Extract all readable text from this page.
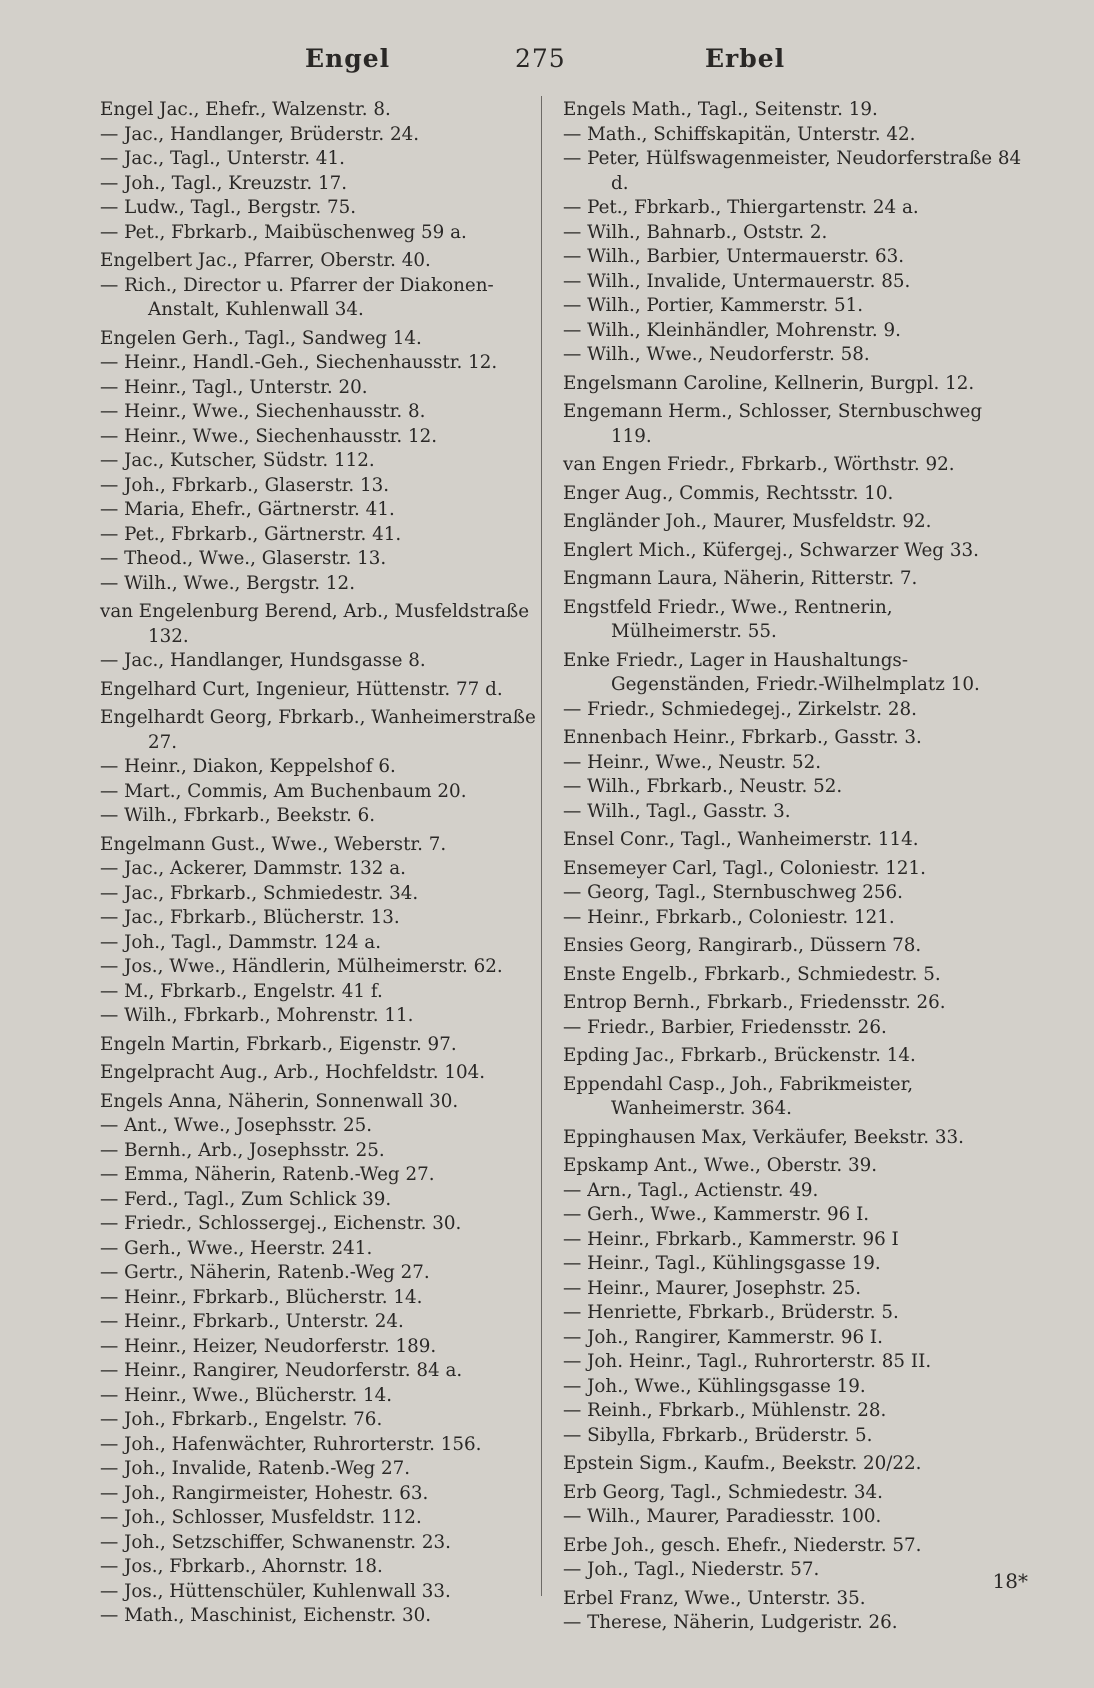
Engel	275	Erbel

Engel Jac., Ehefr., Walzenstr. 8.

— Jac., Handlanger, Brüderstr. 24.

— Jac., Tagl., Unterstr. 41.

— Joh., Tagl., Kreuzstr. 17.

— Ludw., Tagl., Bergstr. 75.

— Pet., Fbrkarb., Maibüschenweg 59 a.

Engelbert Jac., Pfarrer, Oberstr. 40.

— Rich., Director u. Pfarrer der Diakonen-Anstalt, Kuhlenwall 34.

Engelen Gerh., Tagl., Sandweg 14.

— Heinr., Handl.-Geh., Siechenhausstr. 12.

— Heinr., Tagl., Unterstr. 20.

— Heinr., Wwe., Siechenhausstr. 8.

— Heinr., Wwe., Siechenhausstr. 12.

— Jac., Kutscher, Südstr. 112.

— Joh., Fbrkarb., Glaserstr. 13.

— Maria, Ehefr., Gärtnerstr. 41.

— Pet., Fbrkarb., Gärtnerstr. 41.

— Theod., Wwe., Glaserstr. 13.

— Wilh., Wwe., Bergstr. 12.

van Engelenburg Berend, Arb., Musfeldstraße 132.

— Jac., Handlanger, Hundsgasse 8.

Engelhard Curt, Ingenieur, Hüttenstr. 77 d.

Engelhardt Georg, Fbrkarb., Wanheimerstraße 27.

— Heinr., Diakon, Keppelshof 6.

— Mart., Commis, Am Buchenbaum 20.

— Wilh., Fbrkarb., Beekstr. 6.

Engelmann Gust., Wwe., Weberstr. 7.

— Jac., Ackerer, Dammstr. 132 a.

— Jac., Fbrkarb., Schmiedestr. 34.

— Jac., Fbrkarb., Blücherstr. 13.

— Joh., Tagl., Dammstr. 124 a.

— Jos., Wwe., Händlerin, Mülheimerstr. 62.

— M., Fbrkarb., Engelstr. 41 f.

— Wilh., Fbrkarb., Mohrenstr. 11.

Engeln Martin, Fbrkarb., Eigenstr. 97.

Engelpracht Aug., Arb., Hochfeldstr. 104.

Engels Anna, Näherin, Sonnenwall 30.

— Ant., Wwe., Josephsstr. 25.

— Bernh., Arb., Josephsstr. 25.

— Emma, Näherin, Ratenb.-Weg 27.

— Ferd., Tagl., Zum Schlick 39.

— Friedr., Schlossergej., Eichenstr. 30.

— Gerh., Wwe., Heerstr. 241.

— Gertr., Näherin, Ratenb.-Weg 27.

— Heinr., Fbrkarb., Blücherstr. 14.

— Heinr., Fbrkarb., Unterstr. 24.

— Heinr., Heizer, Neudorferstr. 189.

— Heinr., Rangirer, Neudorferstr. 84 a.

— Heinr., Wwe., Blücherstr. 14.

— Joh., Fbrkarb., Engelstr. 76.

— Joh., Hafenwächter, Ruhrorterstr. 156.

— Joh., Invalide, Ratenb.-Weg 27.

— Joh., Rangirmeister, Hohestr. 63.

— Joh., Schlosser, Musfeldstr. 112.

— Joh., Setzschiffer, Schwanenstr. 23.

— Jos., Fbrkarb., Ahornstr. 18.

— Jos., Hüttenschüler, Kuhlenwall 33.

— Math., Maschinist, Eichenstr. 30.

Engels Math., Tagl., Seitenstr. 19.

— Math., Schiffskapitän, Unterstr. 42.

— Peter, Hülfswagenmeister, Neudorferstraße 84 d.

— Pet., Fbrkarb., Thiergartenstr. 24 a.

— Wilh., Bahnarb., Oststr. 2.

— Wilh., Barbier, Untermauerstr. 63.

— Wilh., Invalide, Untermauerstr. 85.

— Wilh., Portier, Kammerstr. 51.

— Wilh., Kleinhändler, Mohrenstr. 9.

— Wilh., Wwe., Neudorferstr. 58.

Engelsmann Caroline, Kellnerin, Burgpl. 12.

Engemann Herm., Schlosser, Sternbuschweg 119.

van Engen Friedr., Fbrkarb., Wörthstr. 92.

Enger Aug., Commis, Rechtsstr. 10.

Engländer Joh., Maurer, Musfeldstr. 92.

Englert Mich., Küfergej., Schwarzer Weg 33.

Engmann Laura, Näherin, Ritterstr. 7.

Engstfeld Friedr., Wwe., Rentnerin, Mülheimerstr. 55.

Enke Friedr., Lager in Haushaltungs-Gegenständen, Friedr.-Wilhelmplatz 10.

— Friedr., Schmiedegej., Zirkelstr. 28.

Ennenbach Heinr., Fbrkarb., Gasstr. 3.

— Heinr., Wwe., Neustr. 52.

— Wilh., Fbrkarb., Neustr. 52.

— Wilh., Tagl., Gasstr. 3.

Ensel Conr., Tagl., Wanheimerstr. 114.

Ensemeyer Carl, Tagl., Coloniestr. 121.

— Georg, Tagl., Sternbuschweg 256.

— Heinr., Fbrkarb., Coloniestr. 121.

Ensies Georg, Rangirarb., Düssern 78.

Enste Engelb., Fbrkarb., Schmiedestr. 5.

Entrop Bernh., Fbrkarb., Friedensstr. 26.

— Friedr., Barbier, Friedensstr. 26.

Epding Jac., Fbrkarb., Brückenstr. 14.

Eppendahl Casp., Joh., Fabrikmeister, Wanheimerstr. 364.

Eppinghausen Max, Verkäufer, Beekstr. 33.

Epskamp Ant., Wwe., Oberstr. 39.

— Arn., Tagl., Actienstr. 49.

— Gerh., Wwe., Kammerstr. 96 I.

— Heinr., Fbrkarb., Kammerstr. 96 I

— Heinr., Tagl., Kühlingsgasse 19.

— Heinr., Maurer, Josephstr. 25.

— Henriette, Fbrkarb., Brüderstr. 5.

— Joh., Rangirer, Kammerstr. 96 I.

— Joh. Heinr., Tagl., Ruhrorterstr. 85 II.

— Joh., Wwe., Kühlingsgasse 19.

— Reinh., Fbrkarb., Mühlenstr. 28.

— Sibylla, Fbrkarb., Brüderstr. 5.

Epstein Sigm., Kaufm., Beekstr. 20/22.

Erb Georg, Tagl., Schmiedestr. 34.

— Wilh., Maurer, Paradiesstr. 100.

Erbe Joh., gesch. Ehefr., Niederstr. 57.

— Joh., Tagl., Niederstr. 57.

Erbel Franz, Wwe., Unterstr. 35.

— Therese, Näherin, Ludgeristr. 26.

18*
